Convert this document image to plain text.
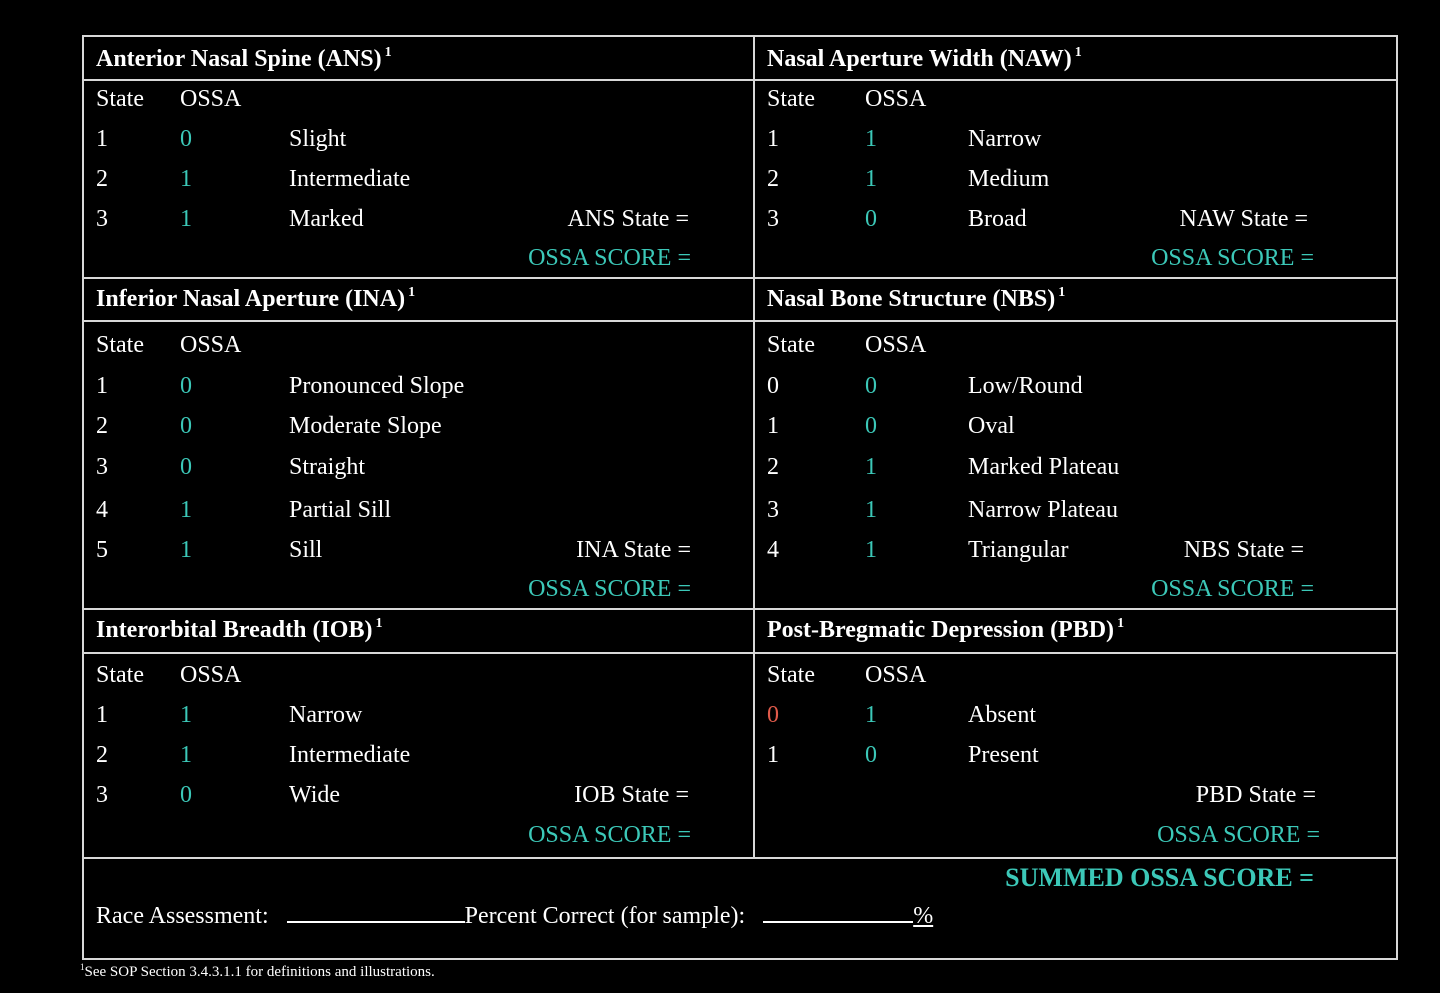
Anterior Nasal Spine (ANS) $^1$
State OSSA
1	0	Slight
2	1	Intermediate
3	1	Marked	ANS State =
OSSA SCORE =
Nasal Aperture Width (NAW) $^1$
State OSSA
1	1	Narrow
2	1	Medium
3	0	Broad	NAW State =
OSSA SCORE =
Inferior Nasal Aperture (INA) $^1$
State OSSA
1	0	Pronounced Slope
2	0	Moderate Slope
3	0	Straight
4	1	Partial Sill
5	1	Sill	INA State =
OSSA SCORE =
Nasal Bone Structure (NBS) $^1$
State OSSA
0	0	Low/Round
1	0	Oval
2	1	Marked Plateau
3	1	Narrow Plateau
4	1	Triangular	NBS State =
OSSA SCORE =
Interorbital Breadth (IOB) $^1$
State OSSA
1	1	Narrow
2	1	Intermediate
3	0	Wide	IOB State =
OSSA SCORE =
Post-Bregmatic Depression (PBD) $^1$
State OSSA
0	1	Absent
1	0	Present
PBD State =
OSSA SCORE =
SUMMED OSSA SCORE =
Race Assessment:	Percent Correct (for sample):	%
$^1$See SOP Section 3.4.3.1.1 for definitions and illustrations.
